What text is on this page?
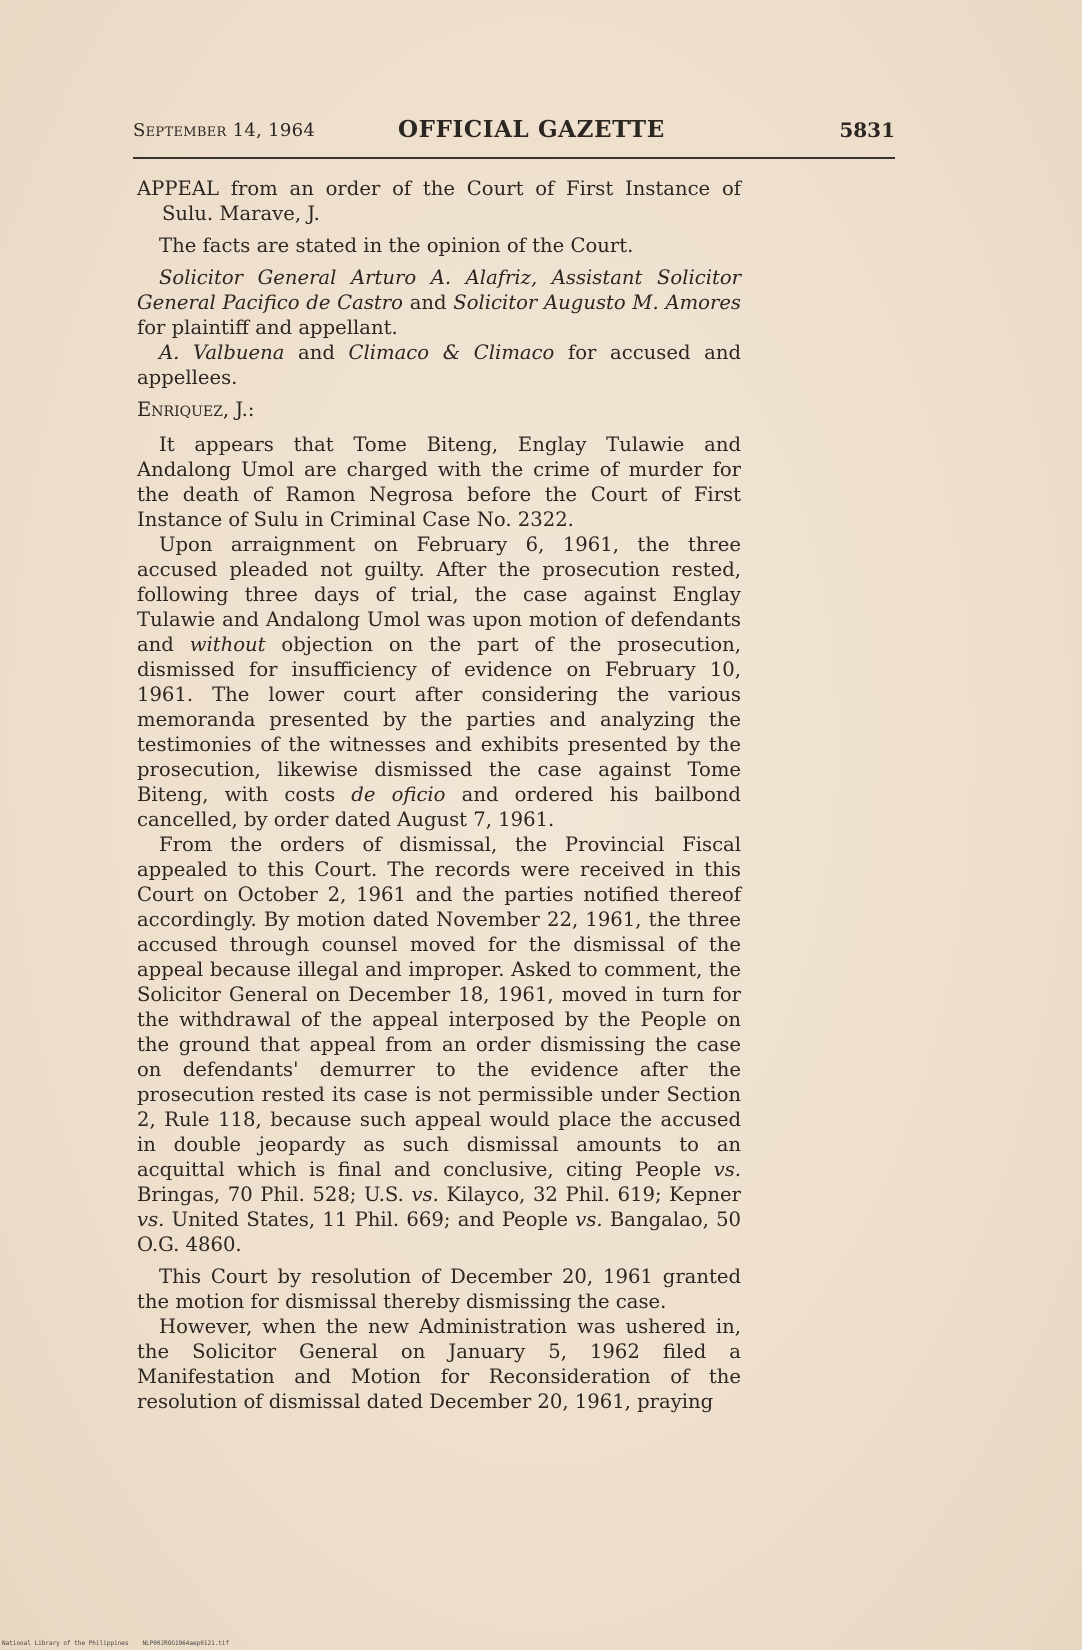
September 14, 1964	OFFICIAL GAZETTE	5831

APPEAL from an order of the Court of First Instance of Sulu. Marave, J.

The facts are stated in the opinion of the Court.

Solicitor General Arturo A. Alafriz, Assistant Solicitor General Pacifico de Castro and Solicitor Augusto M. Amores for plaintiff and appellant.

A. Valbuena and Climaco & Climaco for accused and appellees.

Enriquez, J.:

It appears that Tome Biteng, Englay Tulawie and Andalong Umol are charged with the crime of murder for the death of Ramon Negrosa before the Court of First Instance of Sulu in Criminal Case No. 2322.

Upon arraignment on February 6, 1961, the three accused pleaded not guilty. After the prosecution rested, following three days of trial, the case against Englay Tulawie and Andalong Umol was upon motion of defendants and without objection on the part of the prosecution, dismissed for insufficiency of evidence on February 10, 1961. The lower court after considering the various memoranda presented by the parties and analyzing the testimonies of the witnesses and exhibits presented by the prosecution, likewise dismissed the case against Tome Biteng, with costs de oficio and ordered his bailbond cancelled, by order dated August 7, 1961.

From the orders of dismissal, the Provincial Fiscal appealed to this Court. The records were received in this Court on October 2, 1961 and the parties notified thereof accordingly. By motion dated November 22, 1961, the three accused through counsel moved for the dismissal of the appeal because illegal and improper. Asked to comment, the Solicitor General on December 18, 1961, moved in turn for the withdrawal of the appeal interposed by the People on the ground that appeal from an order dismissing the case on defendants' demurrer to the evidence after the prosecution rested its case is not permissible under Section 2, Rule 118, because such appeal would place the accused in double jeopardy as such dismissal amounts to an acquittal which is final and conclusive, citing People vs. Bringas, 70 Phil. 528; U.S. vs. Kilayco, 32 Phil. 619; Kepner vs. United States, 11 Phil. 669; and People vs. Bangalao, 50 O.G. 4860.

This Court by resolution of December 20, 1961 granted the motion for dismissal thereby dismissing the case.

However, when the new Administration was ushered in, the Solicitor General on January 5, 1962 filed a Manifestation and Motion for Reconsideration of the resolution of dismissal dated December 20, 1961, praying

National Library of the Philippines NLP00JROG1964aep0121.tif
